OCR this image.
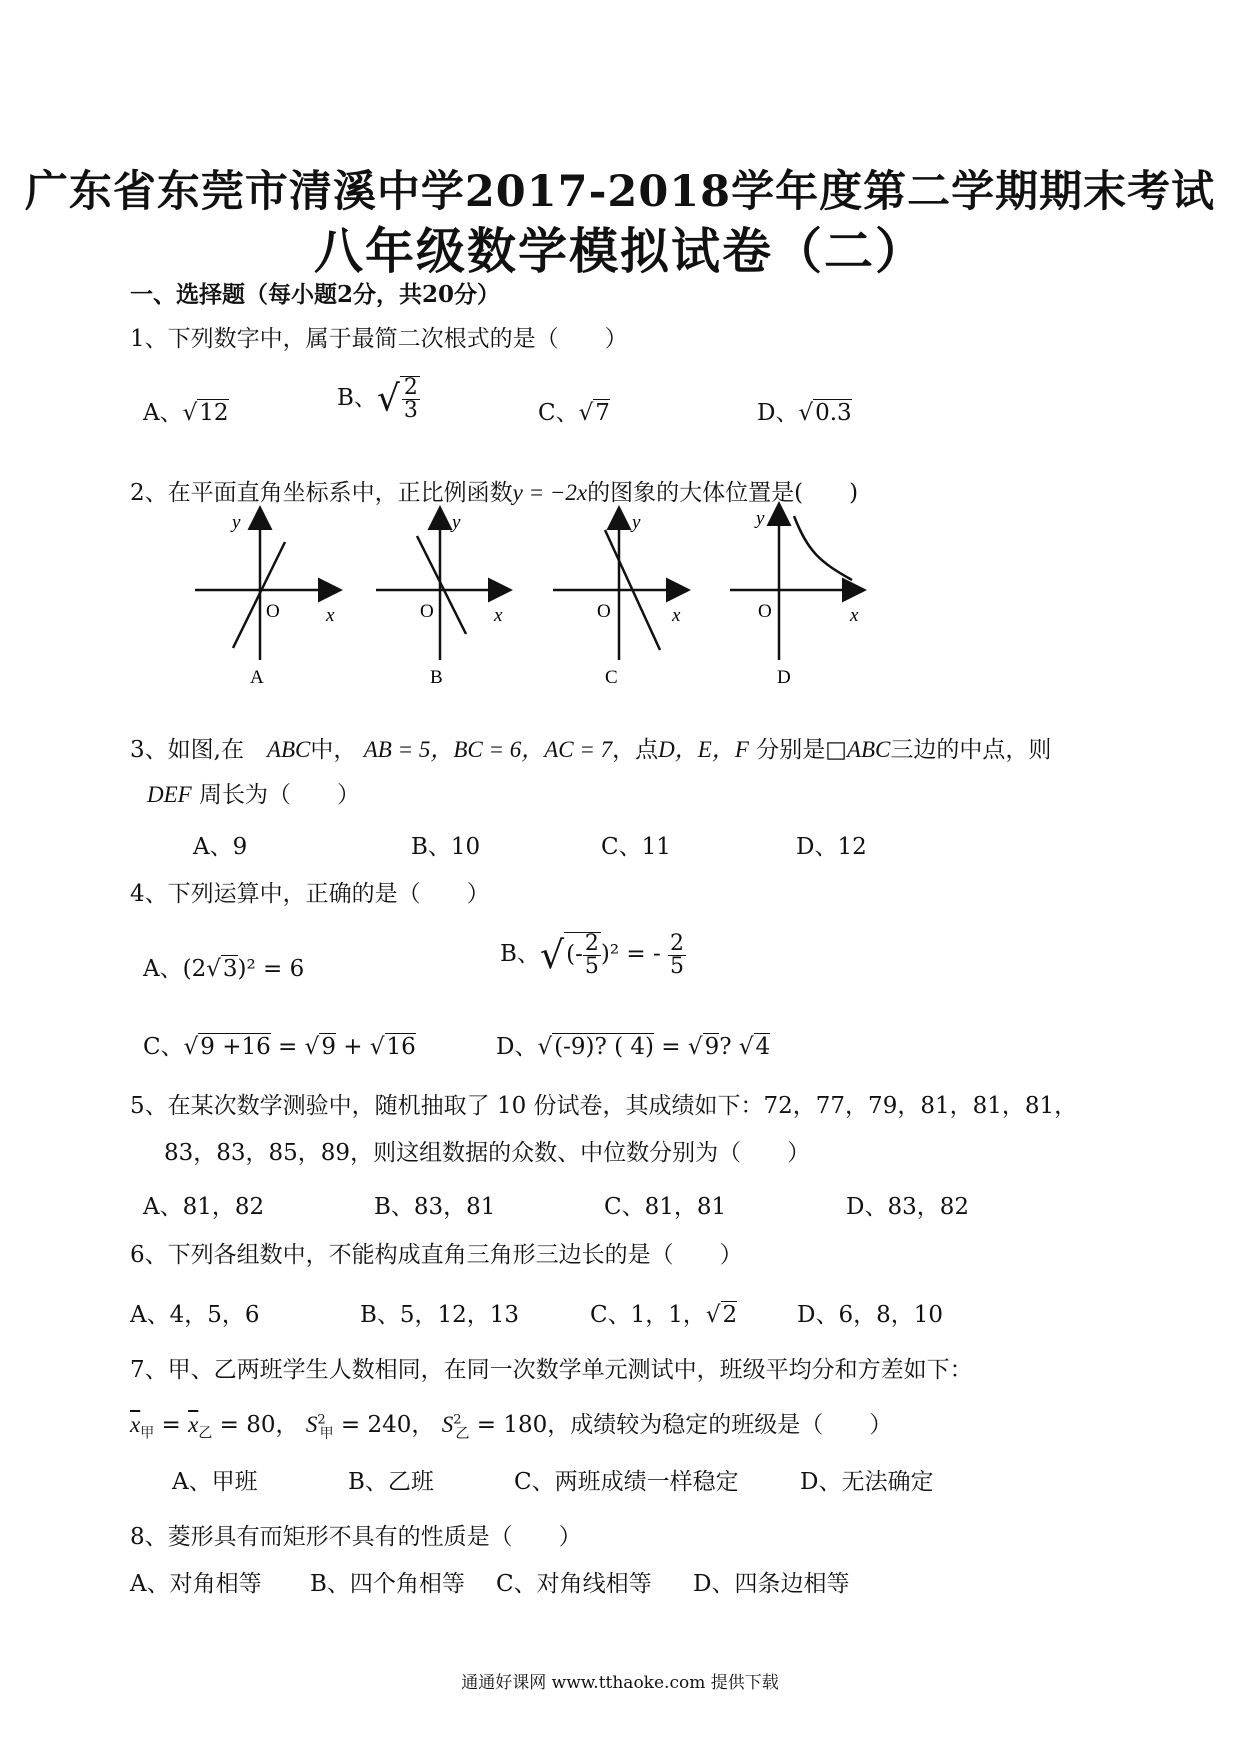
广东省东莞市清溪中学2017-2018学年度第二学期期末考试
八年级数学模拟试卷（二）
一、选择题（每小题2分，共20分）
1、下列数字中，属于最简二次根式的是（　　）
A、√12
B、√ $\frac{2}{3}$	C、√7	D、√0.3
2、在平面直角坐标系中，正比例函数y = −2x的图象的大体位置是(　　)
y
O x
A
y
O	x
B
y
O	x
C
y
O	x
D
3、如图,在　 ABC中， AB = 5，BC = 6，AC = 7，点D，E，F 分别是□ABC三边的中点，则
DEF 周长为（　　）
A、9	B、10	C、11	D、12
4、下列运算中，正确的是（　　）
A、(2√3)² = 6
B、√(- $\frac{2}{5} )^2$ = - $\frac{2}{5}$
C、√9 +16 = √9 + √16	D、√(-9)? ( 4) = √9? √4
5、在某次数学测验中，随机抽取了 10 份试卷，其成绩如下：72，77，79，81，81，81，
83，83，85，89，则这组数据的众数、中位数分别为（　　）
A、81，82	B、83，81	C、81，81	D、83，82
6、下列各组数中，不能构成直角三角形三边长的是（　　）
A、4，5，6	B、5，12，13	C、1，1，√2	D、6，8，10
7、甲、乙两班学生人数相同，在同一次数学单元测试中，班级平均分和方差如下：
$\overline{x}_甲 = \overline{x}_乙 = 80$， $S^2_甲 = 240$， $S^2_乙 = 180$，成绩较为稳定的班级是（　　）
A、甲班	B、乙班	C、两班成绩一样稳定	D、无法确定
8、菱形具有而矩形不具有的性质是（　　）
A、对角相等 B、四个角相等 C、对角线相等 D、四条边相等
通通好课网 www.tthaoke.com 提供下载
